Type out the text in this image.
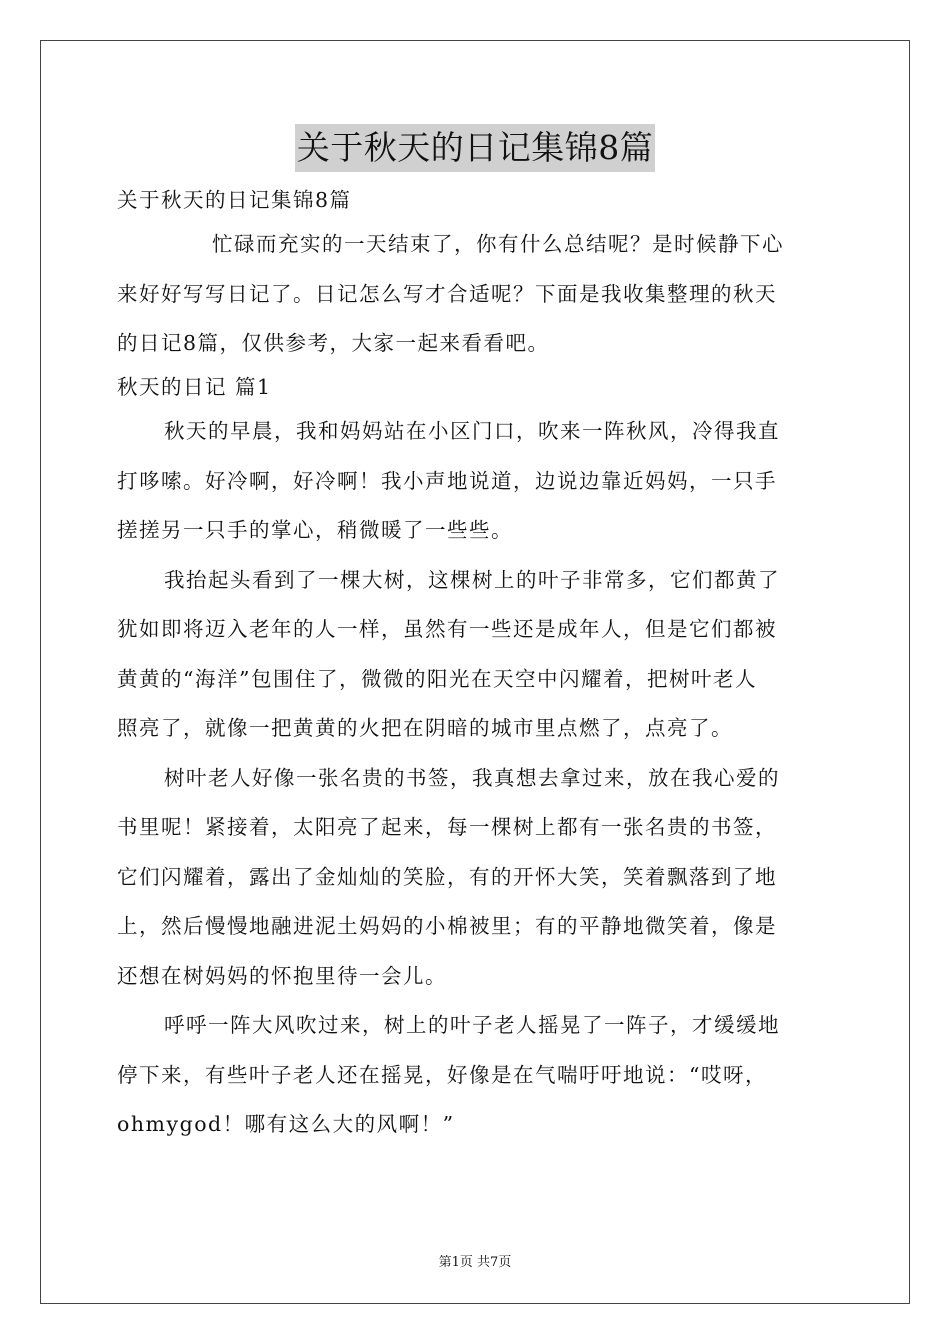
关于秋天的日记集锦8篇
关于秋天的日记集锦8篇
忙碌而充实的一天结束了，你有什么总结呢？是时候静下心
来好好写写日记了。日记怎么写才合适呢？下面是我收集整理的秋天
的日记8篇，仅供参考，大家一起来看看吧。
秋天的日记 篇1
秋天的早晨，我和妈妈站在小区门口，吹来一阵秋风，冷得我直
打哆嗦。好冷啊，好冷啊！我小声地说道，边说边靠近妈妈，一只手
搓搓另一只手的掌心，稍微暖了一些些。
我抬起头看到了一棵大树，这棵树上的叶子非常多，它们都黄了
犹如即将迈入老年的人一样，虽然有一些还是成年人，但是它们都被
黄黄的“海洋”包围住了，微微的阳光在天空中闪耀着，把树叶老人
照亮了，就像一把黄黄的火把在阴暗的城市里点燃了，点亮了。
树叶老人好像一张名贵的书签，我真想去拿过来，放在我心爱的
书里呢！紧接着，太阳亮了起来，每一棵树上都有一张名贵的书签，
它们闪耀着，露出了金灿灿的笑脸，有的开怀大笑，笑着飘落到了地
上，然后慢慢地融进泥土妈妈的小棉被里；有的平静地微笑着，像是
还想在树妈妈的怀抱里待一会儿。
呼呼一阵大风吹过来，树上的叶子老人摇晃了一阵子，才缓缓地
停下来，有些叶子老人还在摇晃，好像是在气喘吁吁地说：“哎呀，
ohmygod！哪有这么大的风啊！”
第1页 共7页
